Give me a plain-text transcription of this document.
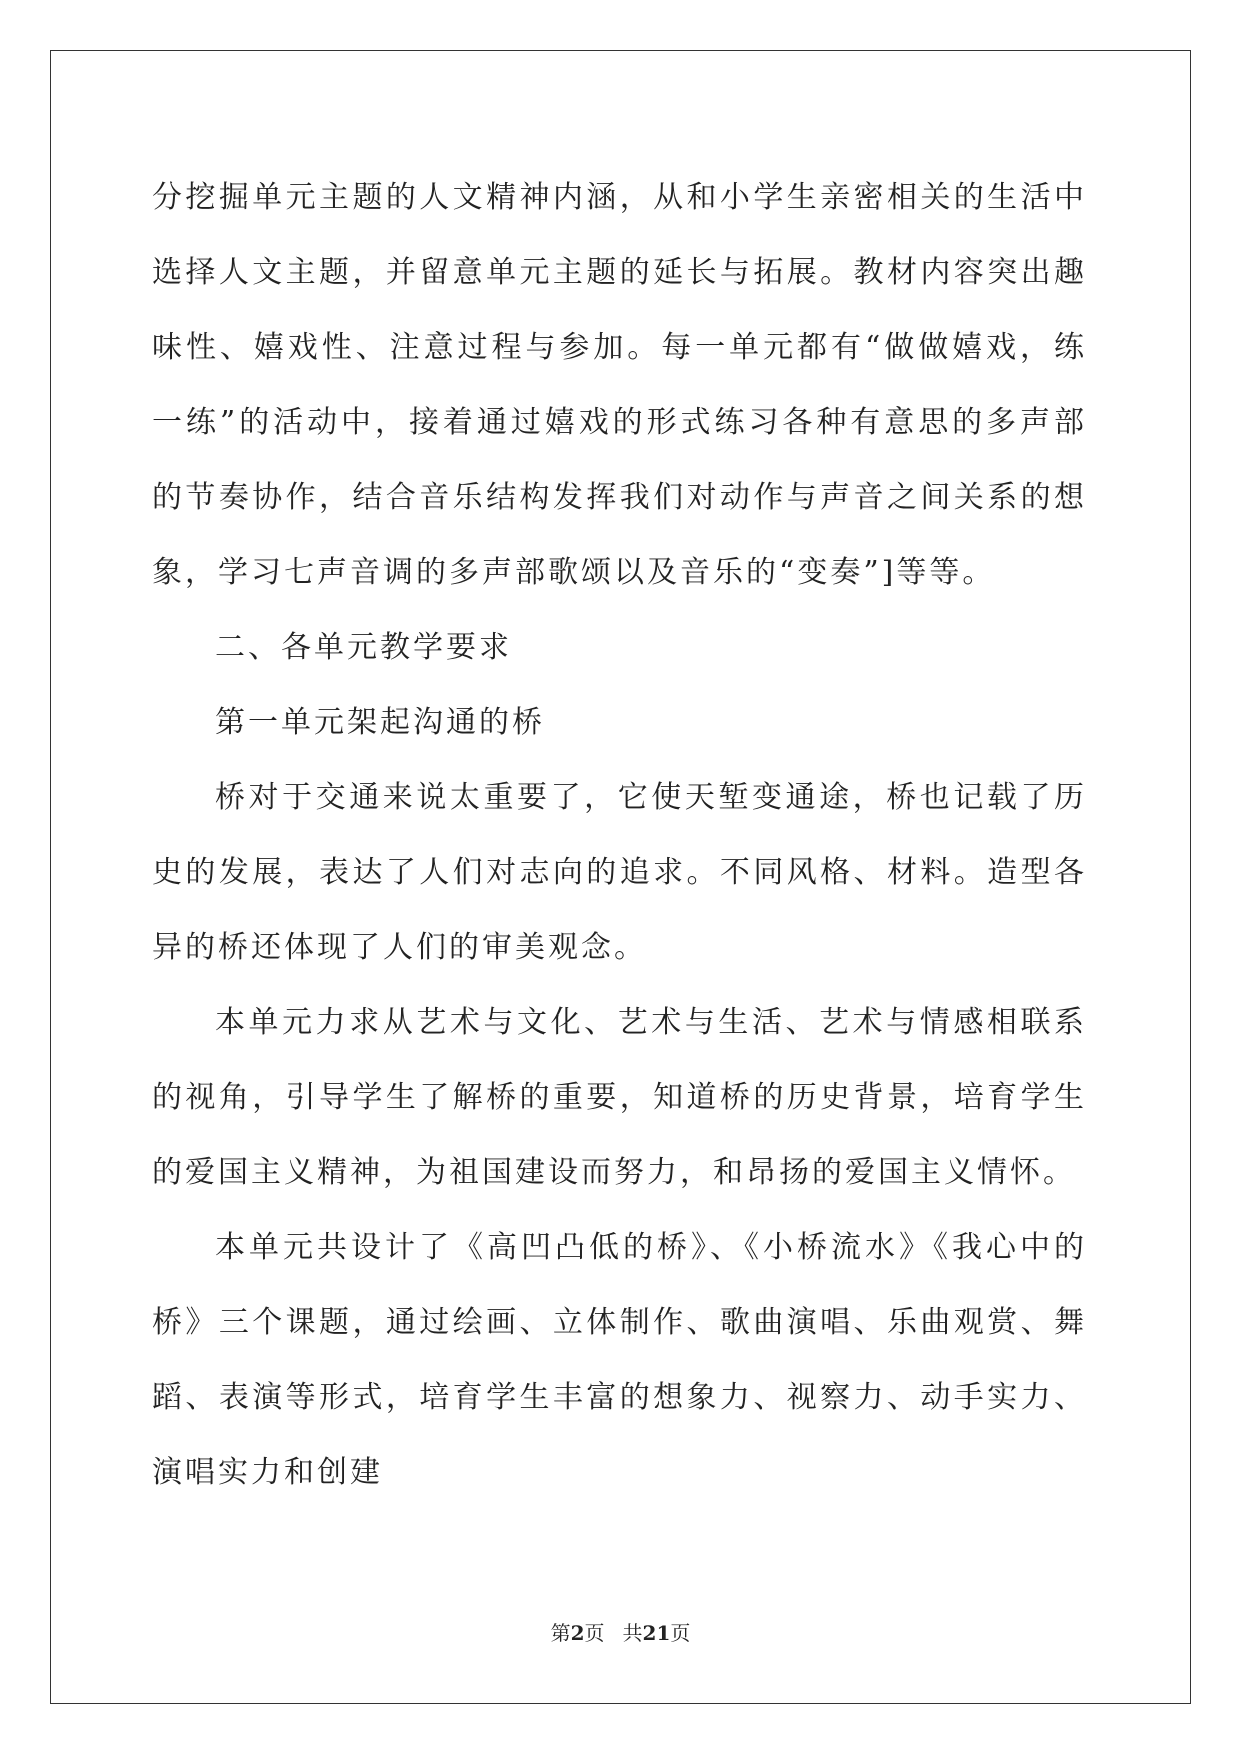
分挖掘单元主题的人文精神内涵，从和小学生亲密相关的生活中选择人文主题，并留意单元主题的延长与拓展。教材内容突出趣味性、嬉戏性、注意过程与参加。每一单元都有“做做嬉戏，练一练”的活动中，接着通过嬉戏的形式练习各种有意思的多声部的节奏协作，结合音乐结构发挥我们对动作与声音之间关系的想象，学习七声音调的多声部歌颂以及音乐的“变奏”]等等。

二、各单元教学要求

第一单元架起沟通的桥

桥对于交通来说太重要了，它使天堑变通途，桥也记载了历史的发展，表达了人们对志向的追求。不同风格、材料。造型各异的桥还体现了人们的审美观念。

本单元力求从艺术与文化、艺术与生活、艺术与情感相联系的视角，引导学生了解桥的重要，知道桥的历史背景，培育学生的爱国主义精神，为祖国建设而努力，和昂扬的爱国主义情怀。

本单元共设计了《高凹凸低的桥》、《小桥流水》《我心中的桥》三个课题，通过绘画、立体制作、歌曲演唱、乐曲观赏、舞蹈、表演等形式，培育学生丰富的想象力、视察力、动手实力、演唱实力和创建

第2页 共21页
